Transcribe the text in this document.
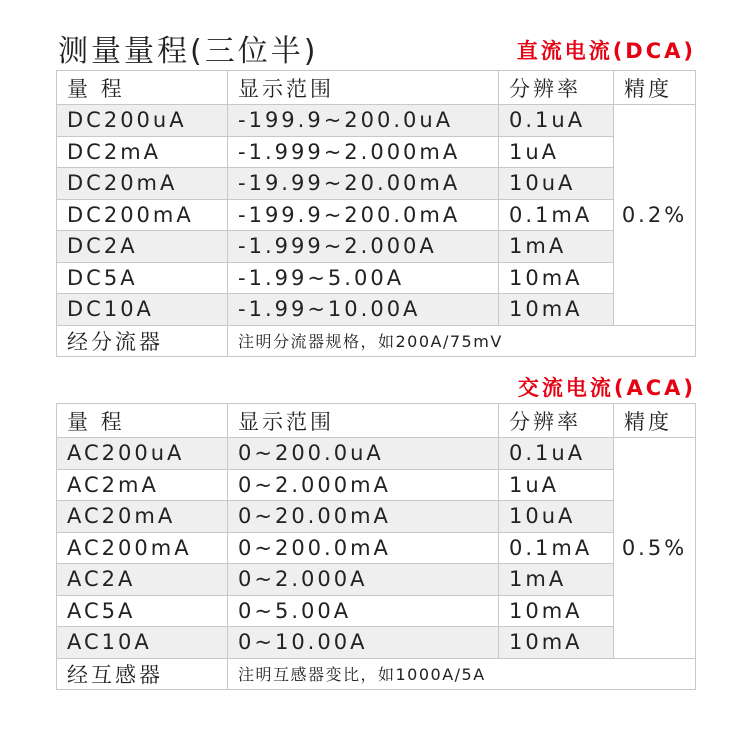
测量量程(三位半)	直流电流(DCA)
量 程	显示范围	分辨率	精度
DC200uA	-199.9~200.0uA	0.1uA	0.2%
DC2mA	-1.999~2.000mA	1uA	
DC20mA	-19.99~20.00mA	10uA	
DC200mA	-199.9~200.0mA	0.1mA	
DC2A	-1.999~2.000A	1mA	
DC5A	-1.99~5.00A	10mA	
DC10A	-1.99~10.00A	10mA	
经分流器	注明分流器规格，如200A/75mV		
交流电流(ACA)
量 程	显示范围	分辨率	精度
AC200uA	0~200.0uA	0.1uA	0.5%
AC2mA	0~2.000mA	1uA	
AC20mA	0~20.00mA	10uA	
AC200mA	0~200.0mA	0.1mA	
AC2A	0~2.000A	1mA	
AC5A	0~5.00A	10mA	
AC10A	0~10.00A	10mA	
经互感器	注明互感器变比，如1000A/5A		
